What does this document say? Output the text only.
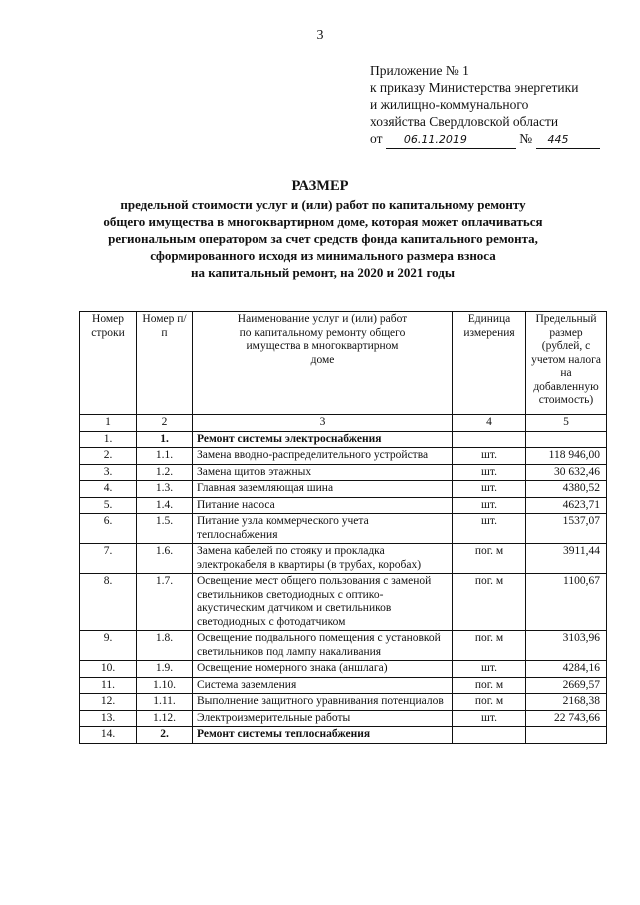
3
Приложение № 1
к приказу Министерства энергетики
и жилищно-коммунального
хозяйства Свердловской области
от 06.11.2019	№ 445
РАЗМЕР
предельной стоимости услуг и (или) работ по капитальному ремонту
общего имущества в многоквартирном доме, которая может оплачиваться
региональным оператором за счет средств фонда капитального ремонта,
сформированного исходя из минимального размера взноса
на капитальный ремонт, на 2020 и 2021 годы
Номер строки	Номер п/п	Наименование услуг и (или) работ по капитальному ремонту общего имущества в многоквартирном доме	Единица измерения	Предельный размер (рублей, с учетом налога на добавленную стоимость)
1	2	3	4	5
1.	1.	Ремонт системы электроснабжения		
2.	1.1.	Замена вводно-распределительного устройства	шт.	118 946,00
3.	1.2.	Замена щитов этажных	шт.	30 632,46
4.	1.3.	Главная заземляющая шина	шт.	4380,52
5.	1.4.	Питание насоса	шт.	4623,71
6.	1.5.	Питание узла коммерческого учета теплоснабжения	шт.	1537,07
7.	1.6.	Замена кабелей по стояку и прокладка электрокабеля в квартиры (в трубах, коробах)	пог. м	3911,44
8.	1.7.	Освещение мест общего пользования с заменой светильников светодиодных с оптико-акустическим датчиком и светильников светодиодных с фотодатчиком	пог. м	1100,67
9.	1.8.	Освещение подвального помещения с установкой светильников под лампу накаливания	пог. м	3103,96
10.	1.9.	Освещение номерного знака (аншлага)	шт.	4284,16
11.	1.10.	Система заземления	пог. м	2669,57
12.	1.11.	Выполнение защитного уравнивания потенциалов	пог. м	2168,38
13.	1.12.	Электроизмерительные работы	шт.	22 743,66
14.	2.	Ремонт системы теплоснабжения		
